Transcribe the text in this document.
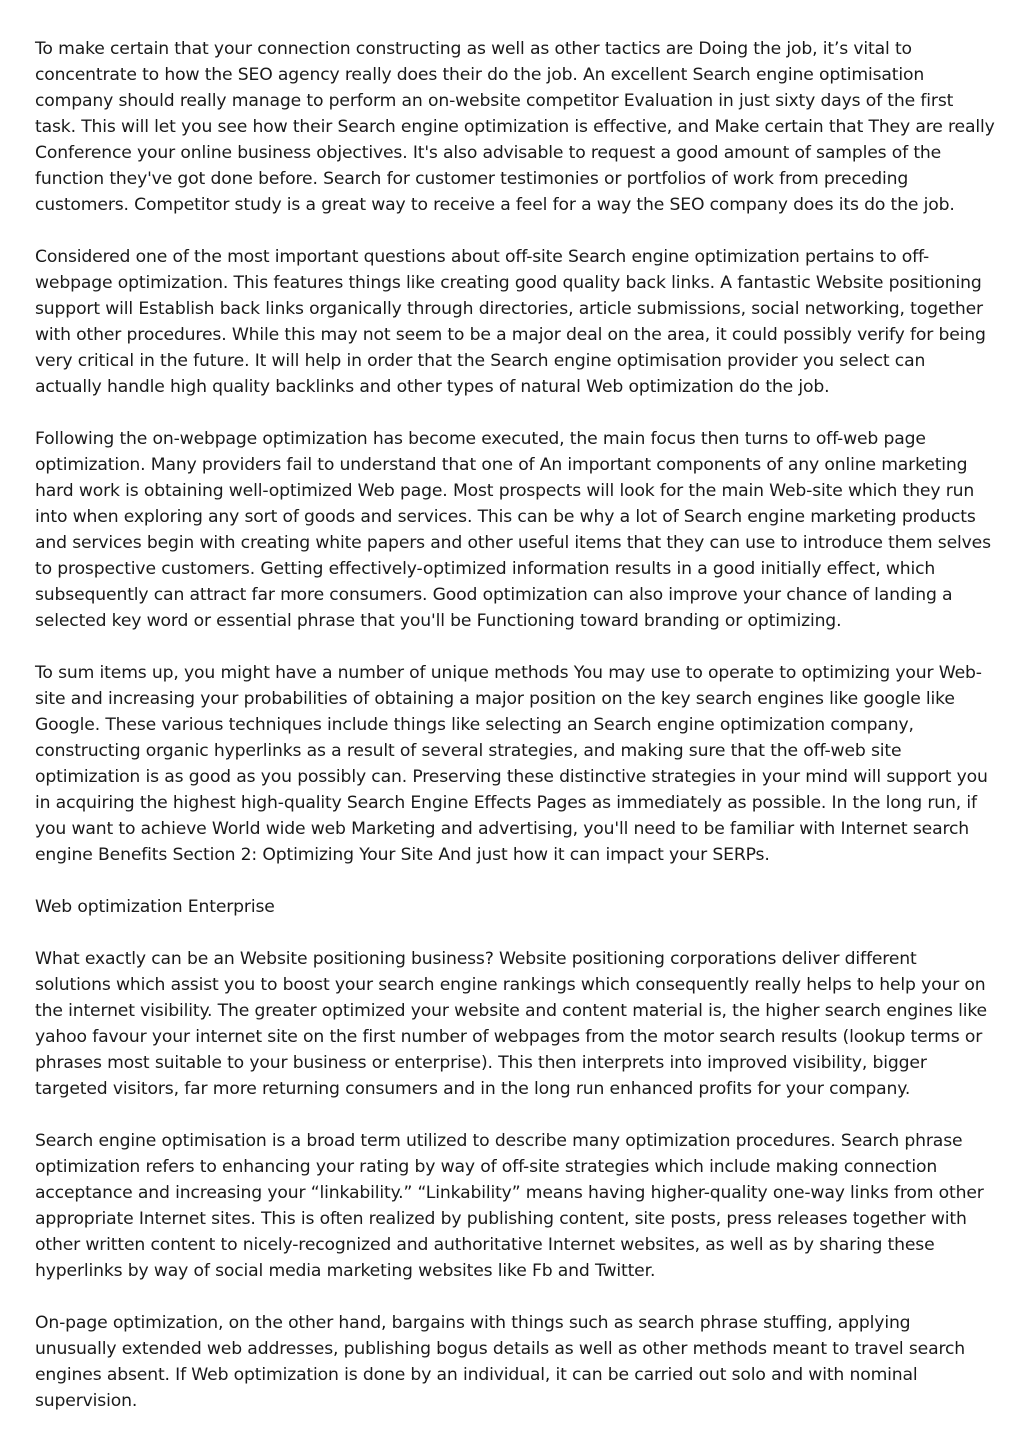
To make certain that your connection constructing as well as other tactics are Doing the job, it’s vital to concentrate to how the SEO agency really does their do the job. An excellent Search engine optimisation company should really manage to perform an on-website competitor Evaluation in just sixty days of the first task. This will let you see how their Search engine optimization is effective, and Make certain that They are really Conference your online business objectives. It's also advisable to request a good amount of samples of the function they've got done before. Search for customer testimonies or portfolios of work from preceding customers. Competitor study is a great way to receive a feel for a way the SEO company does its do the job.

Considered one of the most important questions about off-site Search engine optimization pertains to off-webpage optimization. This features things like creating good quality back links. A fantastic Website positioning support will Establish back links organically through directories, article submissions, social networking, together with other procedures. While this may not seem to be a major deal on the area, it could possibly verify for being very critical in the future. It will help in order that the Search engine optimisation provider you select can actually handle high quality backlinks and other types of natural Web optimization do the job.

Following the on-webpage optimization has become executed, the main focus then turns to off-web page optimization. Many providers fail to understand that one of An important components of any online marketing hard work is obtaining well-optimized Web page. Most prospects will look for the main Web-site which they run into when exploring any sort of goods and services. This can be why a lot of Search engine marketing products and services begin with creating white papers and other useful items that they can use to introduce them selves to prospective customers. Getting effectively-optimized information results in a good initially effect, which subsequently can attract far more consumers. Good optimization can also improve your chance of landing a selected key word or essential phrase that you'll be Functioning toward branding or optimizing.

To sum items up, you might have a number of unique methods You may use to operate to optimizing your Web-site and increasing your probabilities of obtaining a major position on the key search engines like google like Google. These various techniques include things like selecting an Search engine optimization company, constructing organic hyperlinks as a result of several strategies, and making sure that the off-web site optimization is as good as you possibly can. Preserving these distinctive strategies in your mind will support you in acquiring the highest high-quality Search Engine Effects Pages as immediately as possible. In the long run, if you want to achieve World wide web Marketing and advertising, you'll need to be familiar with Internet search engine Benefits Section 2: Optimizing Your Site And just how it can impact your SERPs.

Web optimization Enterprise

What exactly can be an Website positioning business? Website positioning corporations deliver different solutions which assist you to boost your search engine rankings which consequently really helps to help your on the internet visibility. The greater optimized your website and content material is, the higher search engines like yahoo favour your internet site on the first number of webpages from the motor search results (lookup terms or phrases most suitable to your business or enterprise). This then interprets into improved visibility, bigger targeted visitors, far more returning consumers and in the long run enhanced profits for your company.

Search engine optimisation is a broad term utilized to describe many optimization procedures. Search phrase optimization refers to enhancing your rating by way of off-site strategies which include making connection acceptance and increasing your “linkability.” “Linkability” means having higher-quality one-way links from other appropriate Internet sites. This is often realized by publishing content, site posts, press releases together with other written content to nicely-recognized and authoritative Internet websites, as well as by sharing these hyperlinks by way of social media marketing websites like Fb and Twitter.

On-page optimization, on the other hand, bargains with things such as search phrase stuffing, applying unusually extended web addresses, publishing bogus details as well as other methods meant to travel search engines absent. If Web optimization is done by an individual, it can be carried out solo and with nominal supervision.
